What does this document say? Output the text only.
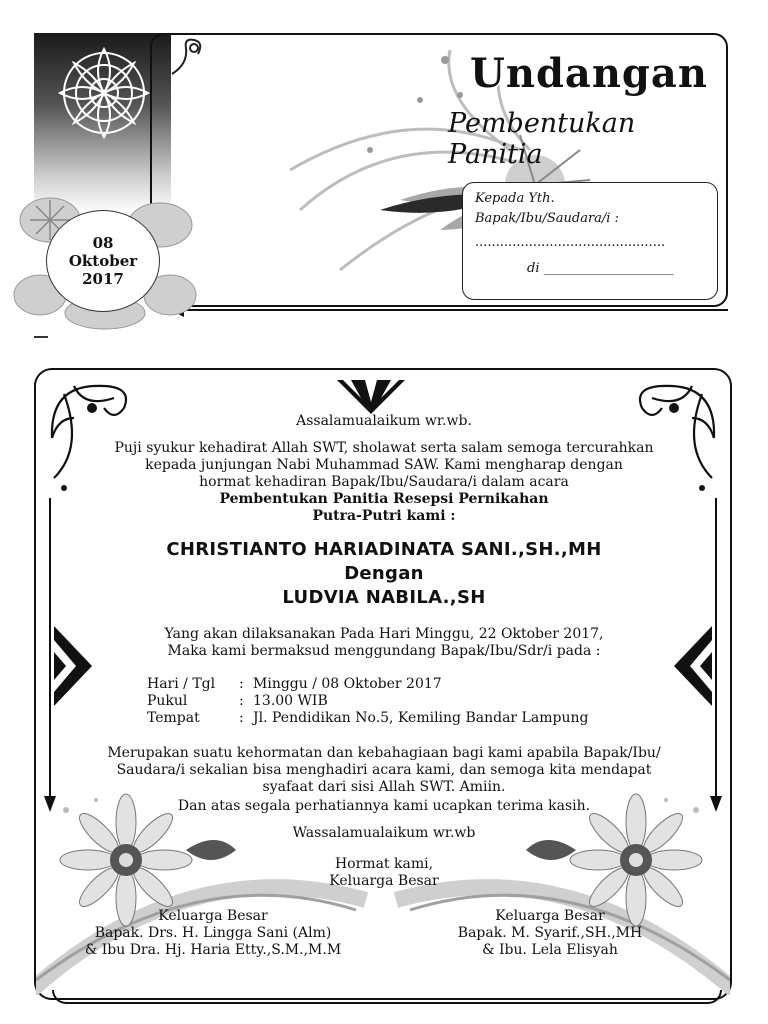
Undangan
Pembentukan Panitia
Kepada Yth.
Bapak/Ibu/Saudara/i :
..............................................
di ____________________
08
Oktober
2017
Assalamualaikum wr.wb.
Puji syukur kehadirat Allah SWT, sholawat serta salam semoga tercurahkan
kepada junjungan Nabi Muhammad SAW. Kami mengharap dengan
hormat kehadiran Bapak/Ibu/Saudara/i dalam acara
Pembentukan Panitia Resepsi Pernikahan
Putra-Putri kami :
CHRISTIANTO HARIADINATA SANI.,SH.,MH
Dengan
LUDVIA NABILA.,SH
Yang akan dilaksanakan Pada Hari Minggu, 22 Oktober 2017,
Maka kami bermaksud menggundang Bapak/Ibu/Sdr/i pada :
Hari / Tgl : Minggu / 08 Oktober 2017
Pukul	: 13.00 WIB
Tempat	: Jl. Pendidikan No.5, Kemiling Bandar Lampung
Merupakan suatu kehormatan dan kebahagiaan bagi kami apabila Bapak/Ibu/
Saudara/i sekalian bisa menghadiri acara kami, dan semoga kita mendapat
syafaat dari sisi Allah SWT. Amiin.
Dan atas segala perhatiannya kami ucapkan terima kasih.
Wassalamualaikum wr.wb
Hormat kami,
Keluarga Besar
Keluarga Besar
Bapak. Drs. H. Lingga Sani (Alm)
& Ibu Dra. Hj. Haria Etty.,S.M.,M.M
Keluarga Besar
Bapak. M. Syarif.,SH.,MH
& Ibu. Lela Elisyah
